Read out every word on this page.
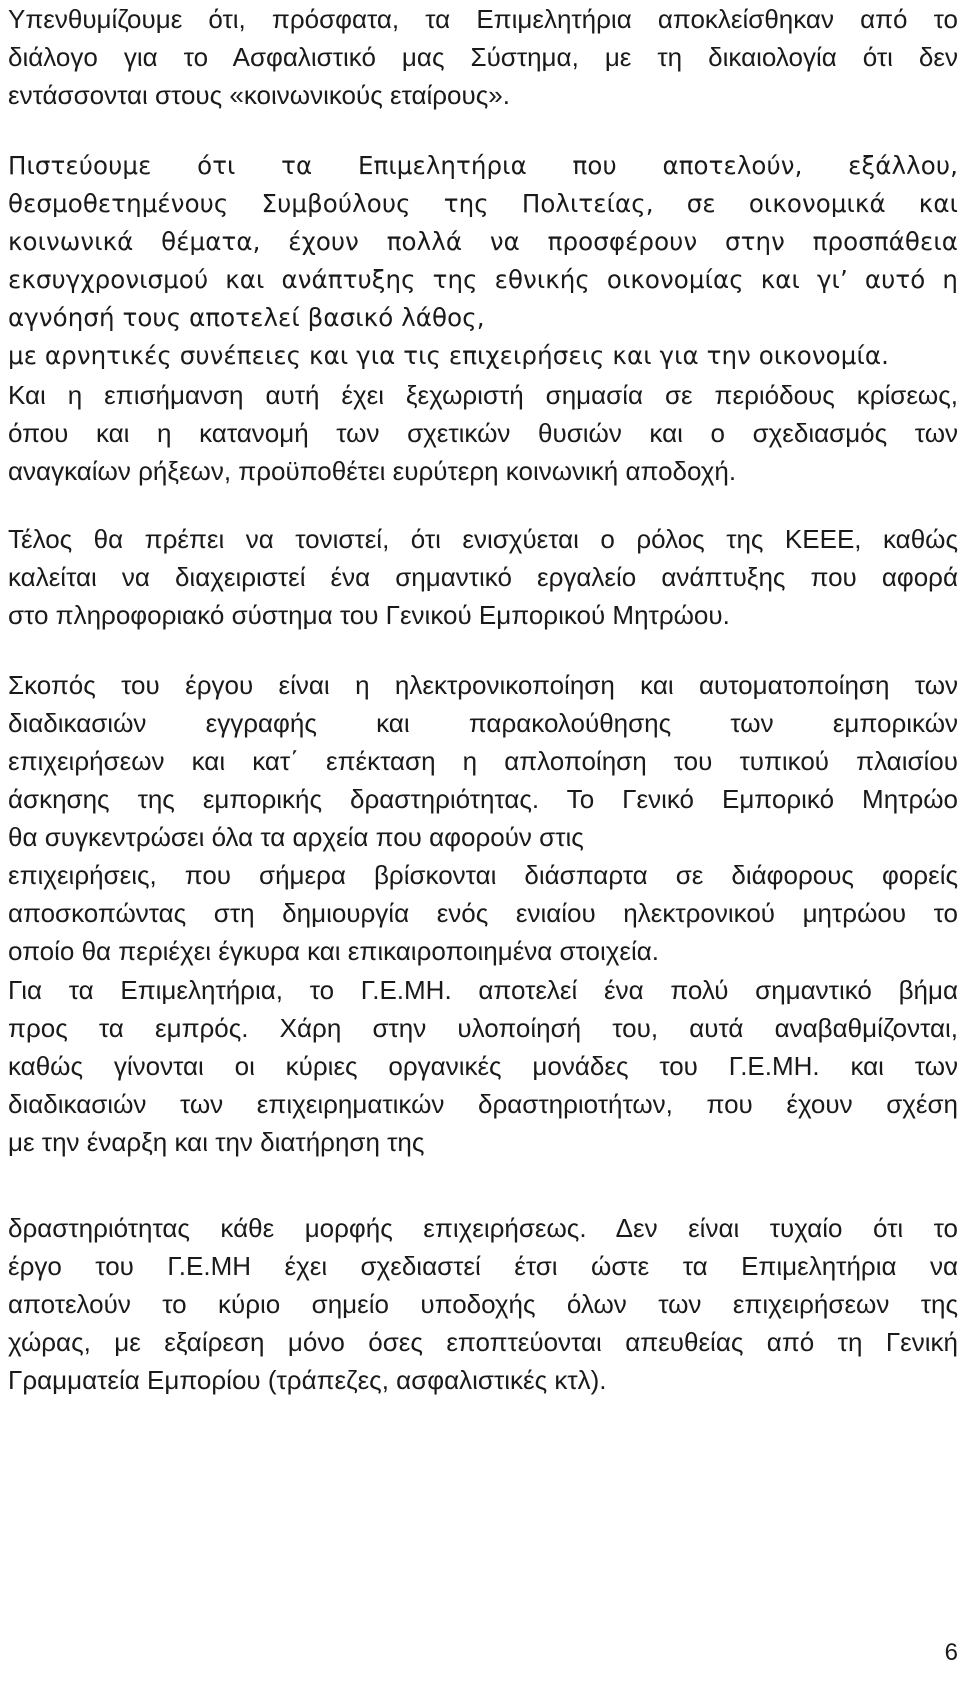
Υπενθυμίζουμε ότι, πρόσφατα, τα Επιμελητήρια αποκλείσθηκαν από το
διάλογο για το Ασφαλιστικό μας Σύστημα, με τη δικαιολογία ότι δεν
εντάσσονται στους «κοινωνικούς εταίρους».
Πιστεύουμε ότι τα Επιμελητήρια που αποτελούν, εξάλλου,
θεσμοθετημένους Συμβούλους της Πολιτείας, σε οικονομικά και
κοινωνικά θέματα, έχουν πολλά να προσφέρουν στην προσπάθεια
εκσυγχρονισμού και ανάπτυξης της εθνικής οικονομίας και γι’ αυτό η
αγνόησή τους αποτελεί βασικό λάθος,
με αρνητικές συνέπειες και για τις επιχειρήσεις και για την οικονομία.
Και η επισήμανση αυτή έχει ξεχωριστή σημασία σε περιόδους κρίσεως,
όπου και η κατανομή των σχετικών θυσιών και ο σχεδιασμός των
αναγκαίων ρήξεων, προϋποθέτει ευρύτερη κοινωνική αποδοχή.
Τέλος θα πρέπει να τονιστεί, ότι ενισχύεται ο ρόλος της ΚΕΕΕ, καθώς
καλείται να διαχειριστεί ένα σημαντικό εργαλείο ανάπτυξης που αφορά
στο πληροφοριακό σύστημα του Γενικού Εμπορικού Μητρώου.
Σκοπός του έργου είναι η ηλεκτρονικοποίηση και αυτοματοποίηση των
διαδικασιών εγγραφής και παρακολούθησης των εμπορικών
επιχειρήσεων και κατ΄ επέκταση η απλοποίηση του τυπικού πλαισίου
άσκησης της εμπορικής δραστηριότητας. Το Γενικό Εμπορικό Μητρώο
θα συγκεντρώσει όλα τα αρχεία που αφορούν στις
επιχειρήσεις, που σήμερα βρίσκονται διάσπαρτα σε διάφορους φορείς
αποσκοπώντας στη δημιουργία ενός ενιαίου ηλεκτρονικού μητρώου το
οποίο θα περιέχει έγκυρα και επικαιροποιημένα στοιχεία.
Για τα Επιμελητήρια, το Γ.Ε.ΜΗ. αποτελεί ένα πολύ σημαντικό βήμα
προς τα εμπρός. Χάρη στην υλοποίησή του, αυτά αναβαθμίζονται,
καθώς γίνονται οι κύριες οργανικές μονάδες του Γ.Ε.ΜΗ. και των
διαδικασιών των επιχειρηματικών δραστηριοτήτων, που έχουν σχέση
με την έναρξη και την διατήρηση της
δραστηριότητας κάθε μορφής επιχειρήσεως. Δεν είναι τυχαίο ότι το
έργο του Γ.Ε.ΜΗ έχει σχεδιαστεί έτσι ώστε τα Επιμελητήρια να
αποτελούν το κύριο σημείο υποδοχής όλων των επιχειρήσεων της
χώρας, με εξαίρεση μόνο όσες εποπτεύονται απευθείας από τη Γενική
Γραμματεία Εμπορίου (τράπεζες, ασφαλιστικές κτλ).
6
